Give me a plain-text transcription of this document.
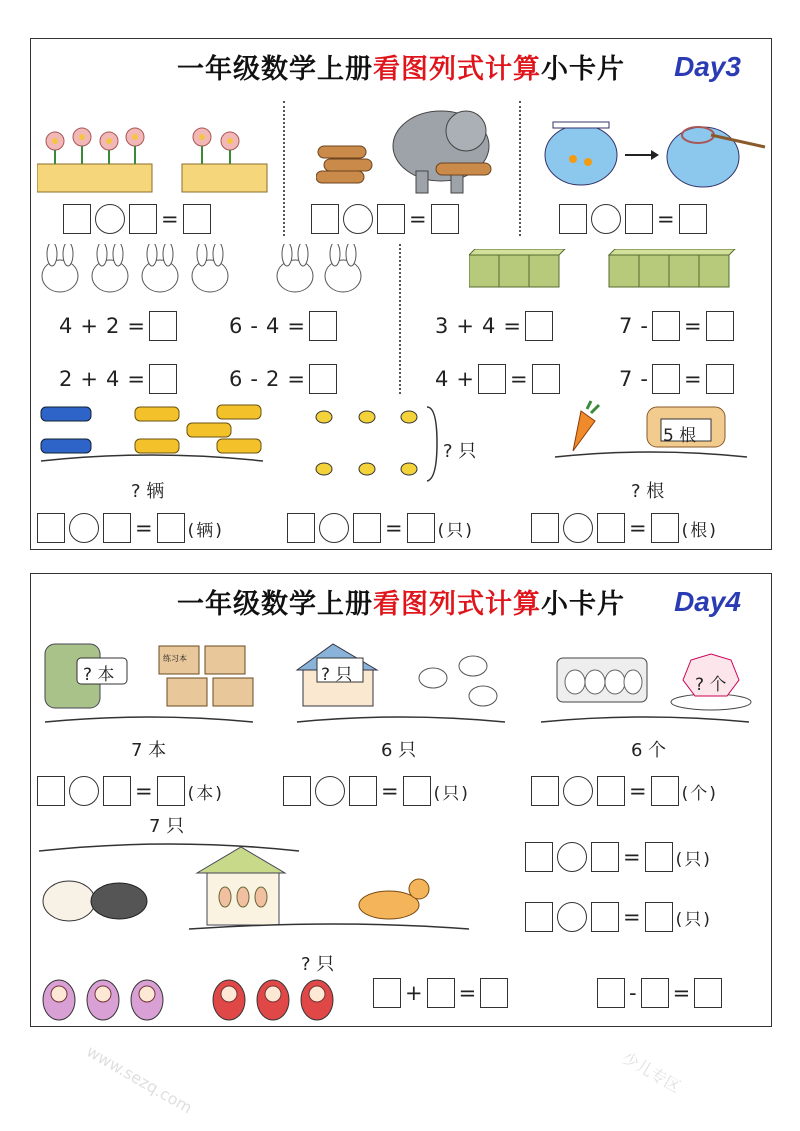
一年级数学上册看图列式计算小卡片	Day3
=	=	=
4 + 2 =	6 - 4 =
2 + 4 =	6 - 2 =
3 + 4 =	7 - =
4 + =	7 - =
? 辆
? 只
5 根
? 根
= (辆)	= (只)	= (根)
一年级数学上册看图列式计算小卡片	Day4
? 本
练习本
7 本
? 只
6 只
? 个
6 个
= (本)	= (只)	= (个)
7 只
? 只
= (只)
= (只)
+ =	- =
少儿专区
www.sezq.com
